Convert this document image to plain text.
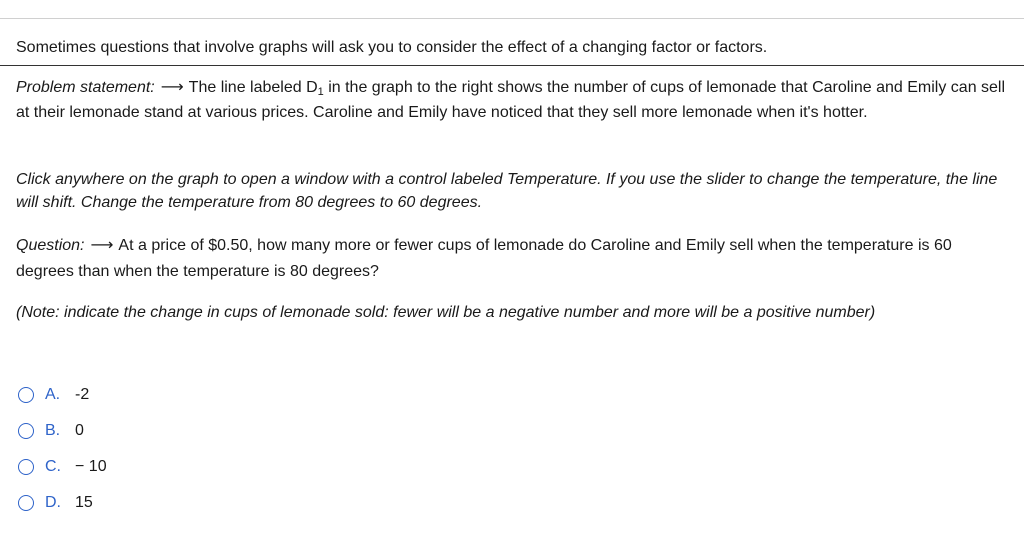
Sometimes questions that involve graphs will ask you to consider the effect of a changing factor or factors.

Problem statement: ⟶ The line labeled $D_1$ in the graph to the right shows the number of cups of lemonade that Caroline and Emily can sell at their lemonade stand at various prices. Caroline and Emily have noticed that they sell more lemonade when it's hotter.

Click anywhere on the graph to open a window with a control labeled Temperature. If you use the slider to change the temperature, the line will shift. Change the temperature from 80 degrees to 60 degrees.

Question: ⟶ At a price of $0.50, how many more or fewer cups of lemonade do Caroline and Emily sell when the temperature is 60 degrees than when the temperature is 80 degrees?

(Note: indicate the change in cups of lemonade sold: fewer will be a negative number and more will be a positive number)

A. -2
B. 0
C. − 10
D. 15
